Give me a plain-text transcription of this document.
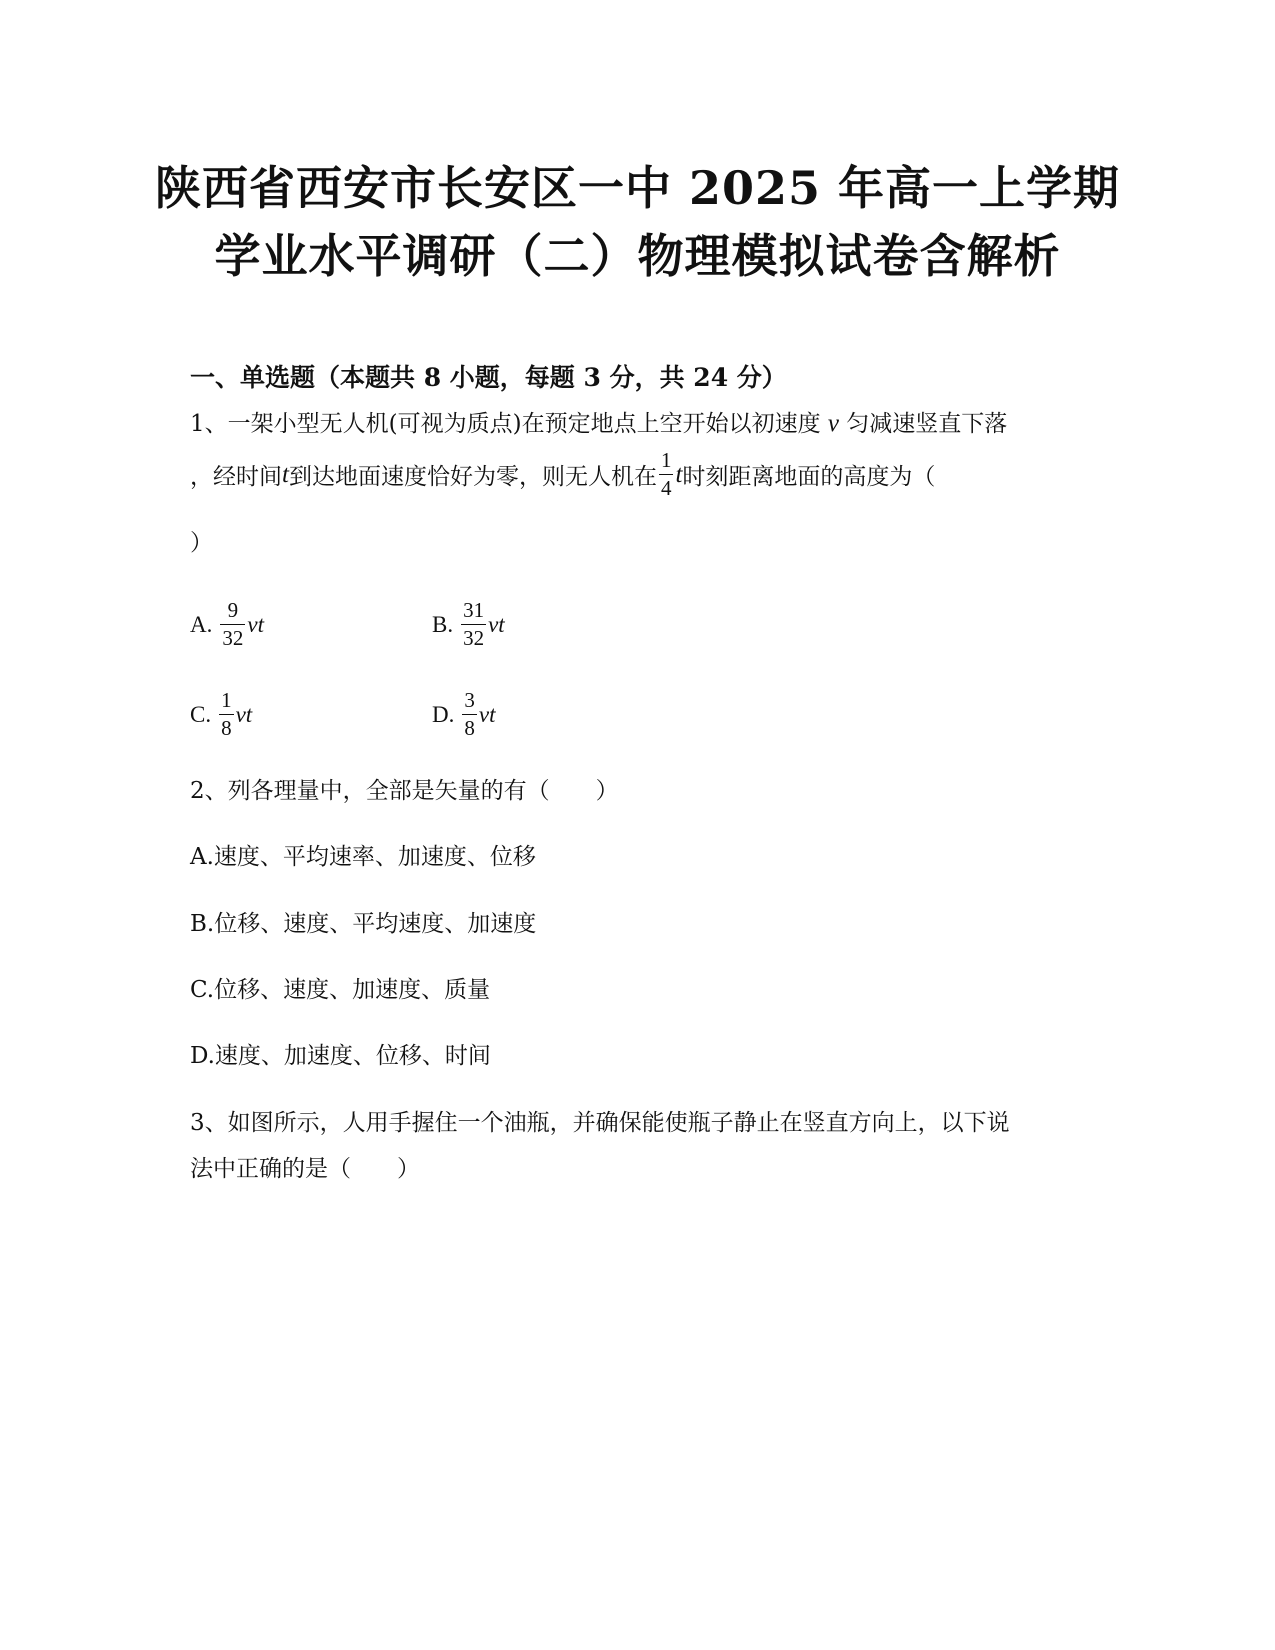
陕西省西安市长安区一中 2025 年高一上学期
学业水平调研（二）物理模拟试卷含解析
一、单选题（本题共 8 小题，每题 3 分，共 24 分）
1、一架小型无人机(可视为质点)在预定地点上空开始以初速度 v 匀减速竖直下落
，经时间 t 到达地面速度恰好为零，则无人机在 $\frac{1}{4}$ t 时刻距离地面的高度为（
）
A. $\frac{9}{32}$ vt	B. $\frac{31}{32}$ vt
C. $\frac{1}{8}$ vt	D. $\frac{3}{8}$ vt
2、列各理量中，全部是矢量的有（　　）
A.速度、平均速率、加速度、位移
B.位移、速度、平均速度、加速度
C.位移、速度、加速度、质量
D.速度、加速度、位移、时间
3、如图所示，人用手握住一个油瓶，并确保能使瓶子静止在竖直方向上，以下说
法中正确的是（　　）
